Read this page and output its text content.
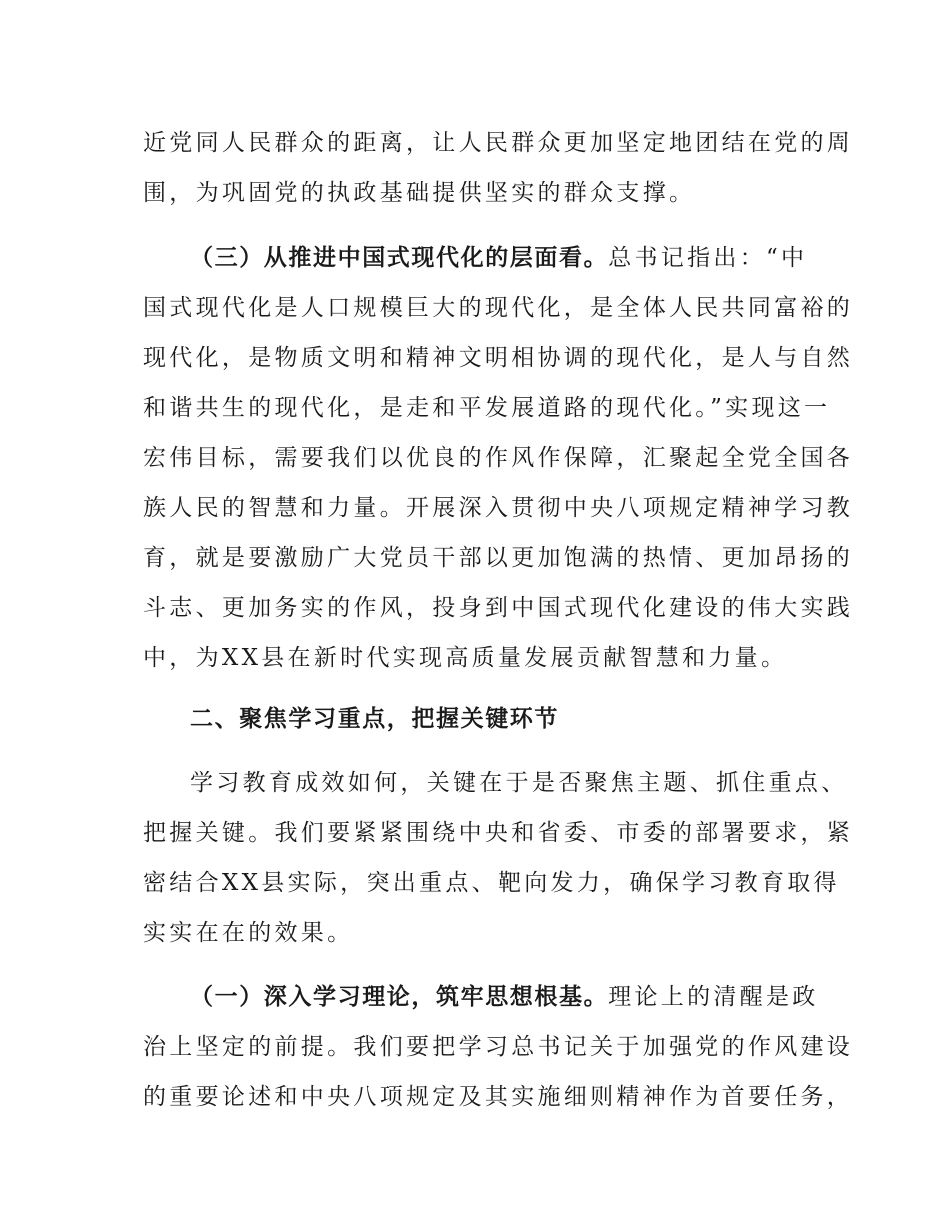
近党同人民群众的距离，让人民群众更加坚定地团结在党的周
围，为巩固党的执政基础提供坚实的群众支撑。
（三）从推进中国式现代化的层面看。总书记指出：“中
国式现代化是人口规模巨大的现代化，是全体人民共同富裕的
现代化，是物质文明和精神文明相协调的现代化，是人与自然
和谐共生的现代化，是走和平发展道路的现代化。”实现这一
宏伟目标，需要我们以优良的作风作保障，汇聚起全党全国各
族人民的智慧和力量。开展深入贯彻中央八项规定精神学习教
育，就是要激励广大党员干部以更加饱满的热情、更加昂扬的
斗志、更加务实的作风，投身到中国式现代化建设的伟大实践
中，为XX县在新时代实现高质量发展贡献智慧和力量。
二、聚焦学习重点，把握关键环节
学习教育成效如何，关键在于是否聚焦主题、抓住重点、
把握关键。我们要紧紧围绕中央和省委、市委的部署要求，紧
密结合XX县实际，突出重点、靶向发力，确保学习教育取得
实实在在的效果。
（一）深入学习理论，筑牢思想根基。理论上的清醒是政
治上坚定的前提。我们要把学习总书记关于加强党的作风建设
的重要论述和中央八项规定及其实施细则精神作为首要任务，
